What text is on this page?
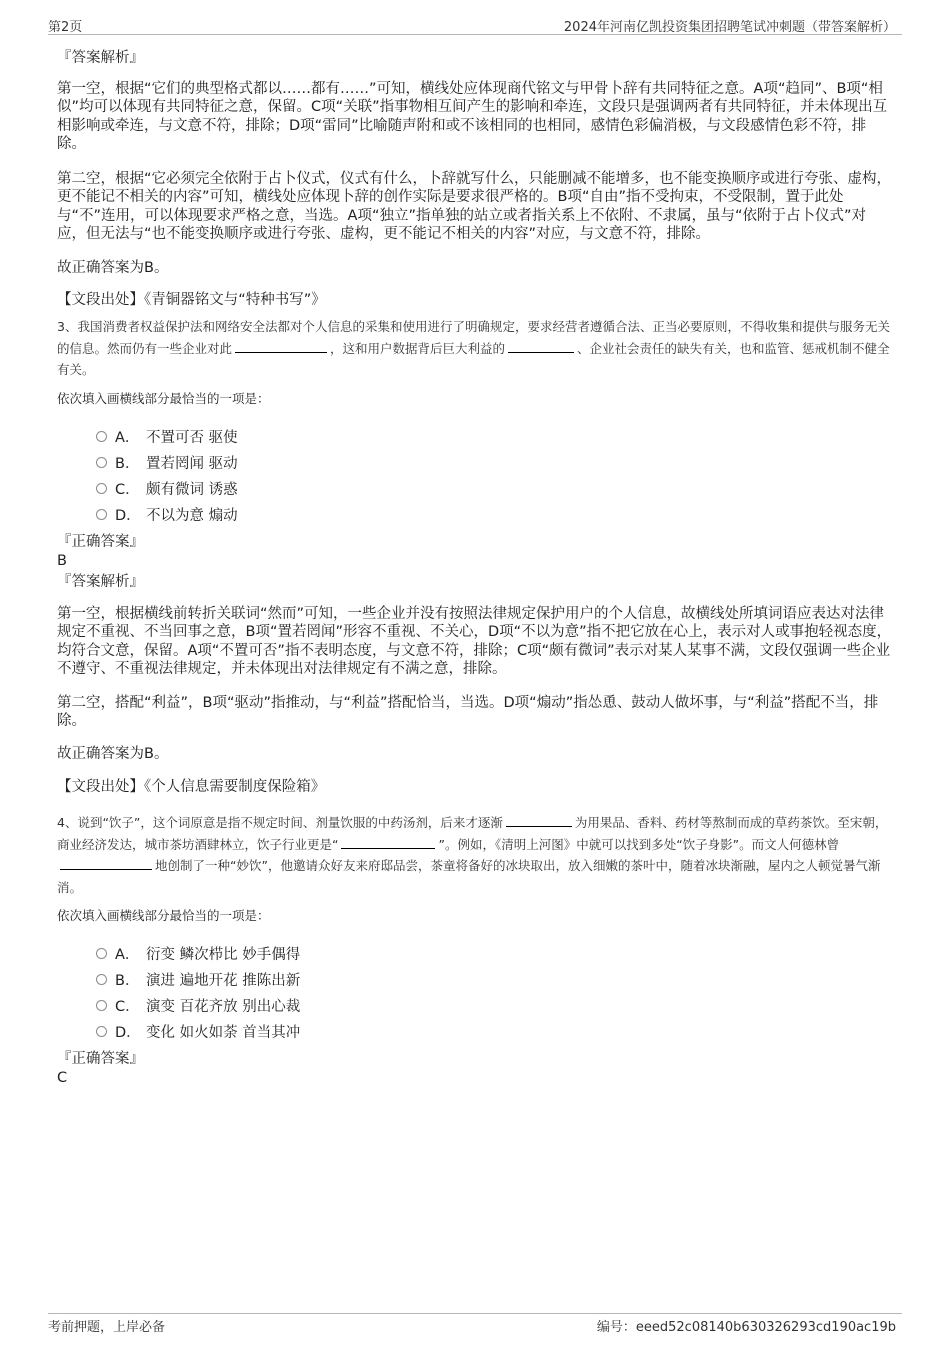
第2页	2024年河南亿凯投资集团招聘笔试冲刺题（带答案解析）
『答案解析』
第一空，根据“它们的典型格式都以……都有……”可知，横线处应体现商代铭文与甲骨卜辞有共同特征之意。A项“趋同”、B项“相似”均可以体现有共同特征之意，保留。C项“关联”指事物相互间产生的影响和牵连，文段只是强调两者有共同特征，并未体现出互相影响或牵连，与文意不符，排除；D项“雷同”比喻随声附和或不该相同的也相同，感情色彩偏消极，与文段感情色彩不符，排除。
第二空，根据“它必须完全依附于占卜仪式，仪式有什么，卜辞就写什么，只能删减不能增多，也不能变换顺序或进行夸张、虚构，更不能记不相关的内容”可知，横线处应体现卜辞的创作实际是要求很严格的。B项“自由”指不受拘束，不受限制，置于此处与“不”连用，可以体现要求严格之意，当选。A项“独立”指单独的站立或者指关系上不依附、不隶属，虽与“依附于占卜仪式”对应，但无法与“也不能变换顺序或进行夸张、虚构，更不能记不相关的内容”对应，与文意不符，排除。
故正确答案为B。
【文段出处】《青铜器铭文与“特种书写”》
3、我国消费者权益保护法和网络安全法都对个人信息的采集和使用进行了明确规定，要求经营者遵循合法、正当必要原则，不得收集和提供与服务无关的信息。然而仍有一些企业对此	，这和用户数据背后巨大利益的	、企业社会责任的缺失有关，也和监管、惩戒机制不健全有关。
依次填入画横线部分最恰当的一项是：
A． 不置可否 驱使
B． 置若罔闻 驱动
C． 颇有微词 诱惑
D． 不以为意 煽动
『正确答案』
B
『答案解析』
第一空，根据横线前转折关联词“然而”可知，一些企业并没有按照法律规定保护用户的个人信息，故横线处所填词语应表达对法律规定不重视、不当回事之意，B项“置若罔闻”形容不重视、不关心，D项“不以为意”指不把它放在心上，表示对人或事抱轻视态度，均符合文意，保留。A项“不置可否”指不表明态度，与文意不符，排除；C项“颇有微词”表示对某人某事不满，文段仅强调一些企业不遵守、不重视法律规定，并未体现出对法律规定有不满之意，排除。
第二空，搭配“利益”，B项“驱动”指推动，与“利益”搭配恰当，当选。D项“煽动”指怂恿、鼓动人做坏事，与“利益”搭配不当，排除。
故正确答案为B。
【文段出处】《个人信息需要制度保险箱》
4、说到“饮子”，这个词原意是指不规定时间、剂量饮服的中药汤剂，后来才逐渐	为用果品、香料、药材等熬制而成的草药茶饮。至宋朝，商业经济发达，城市茶坊酒肆林立，饮子行业更是“	”。例如，《清明上河图》中就可以找到多处“饮子身影”。而文人何德林曾地创制了一种“妙饮”，他邀请众好友来府邸品尝，茶童将备好的冰块取出，放入细嫩的茶叶中，随着冰块渐融，屋内之人顿觉暑气渐消。
依次填入画横线部分最恰当的一项是：
A． 衍变 鳞次栉比 妙手偶得
B． 演进 遍地开花 推陈出新
C． 演变 百花齐放 别出心裁
D． 变化 如火如荼 首当其冲
『正确答案』
C
考前押题，上岸必备	编号：eeed52c08140b630326293cd190ac19b
